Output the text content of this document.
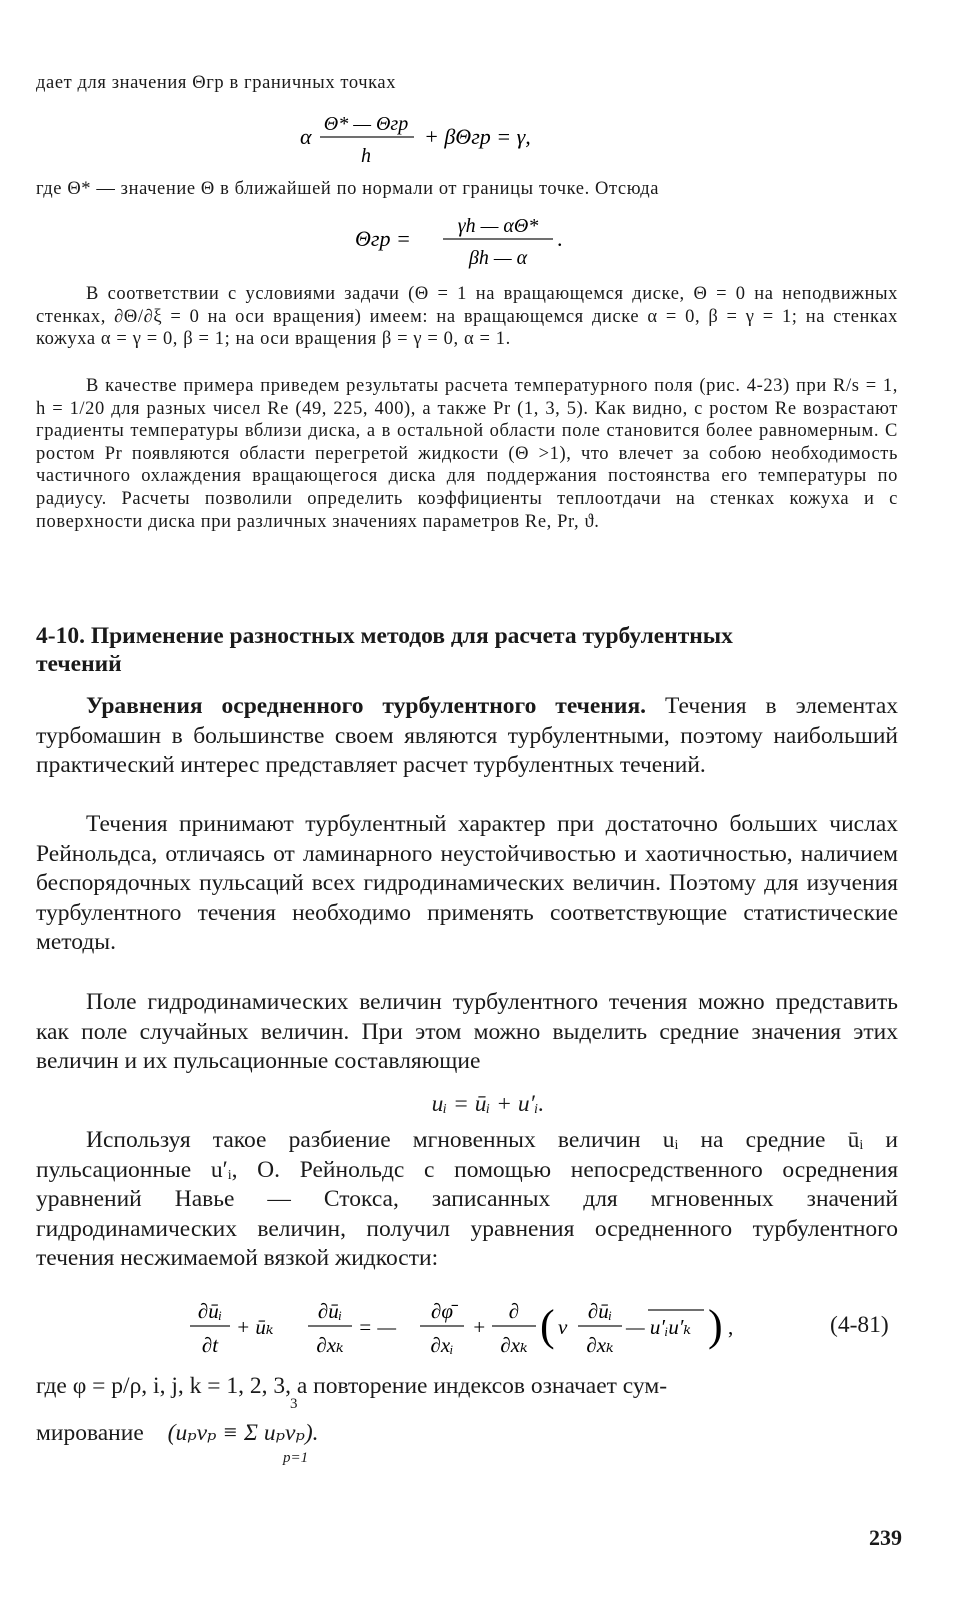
дает для значения Θгр в граничных точках

α Θ* — Θгр
h
+ βΘгр = γ,

где Θ* — значение Θ в ближайшей по нормали от границы точке. Отсюда

Θгр = γh — αΘ*
βh — α
.

В соответствии с условиями задачи (Θ = 1 на вращающемся диске, Θ = 0 на неподвижных стенках, ∂Θ/∂ξ = 0 на оси вращения) имеем: на вращающемся диске α = 0, β = γ = 1; на стенках кожуха α = γ = 0, β = 1; на оси вращения β = γ = 0, α = 1.

В качестве примера приведем результаты расчета температурного поля (рис. 4-23) при R/s = 1, h = 1/20 для разных чисел Re (49, 225, 400), а также Pr (1, 3, 5). Как видно, с ростом Re возрастают градиенты температуры вблизи диска, а в остальной области поле становится более равномерным. С ростом Pr появляются области перегретой жидкости (Θ >1), что влечет за собою необходимость частичного охлаждения вращающегося диска для поддержания постоянства его температуры по радиусу. Расчеты позволили определить коэффициенты теплоотдачи на стенках кожуха и с поверхности диска при различных значениях параметров Re, Pr, ϑ.

4-10. Применение разностных методов для расчета турбулентных течений

Уравнения осредненного турбулентного течения. Течения в элементах турбомашин в большинстве своем являются турбулентными, поэтому наибольший практический интерес представляет расчет турбулентных течений.

Течения принимают турбулентный характер при достаточно больших числах Рейнольдса, отличаясь от ламинарного неустойчивостью и хаотичностью, наличием беспорядочных пульсаций всех гидродинамических величин. Поэтому для изучения турбулентного течения необходимо применять соответствующие статистические методы.

Поле гидродинамических величин турбулентного течения можно представить как поле случайных величин. При этом можно выделить средние значения этих величин и их пульсационные составляющие

uᵢ = ūᵢ + u′ᵢ.

Используя такое разбиение мгновенных величин uᵢ на средние ūᵢ и пульсационные u′ᵢ, О. Рейнольдс с помощью непосредственного осреднения уравнений Навье — Стокса, записанных для мгновенных значений гидродинамических величин, получил уравнения осредненного турбулентного течения несжимаемой вязкой жидкости:

∂ūᵢ
∂t
+ ūₖ
∂ūᵢ
∂xₖ
= —
∂φ̄
∂xᵢ
+
∂
∂xₖ ( ν
∂ūᵢ
∂xₖ
— u′ᵢu′ₖ ) ,	(4-81)

где φ = p/ρ, i, j, k = 1, 2, 3, а повторение индексов означает сум-

мирование (uₚvₚ ≡ Σ uₚvₚ).
3
p=1
239
